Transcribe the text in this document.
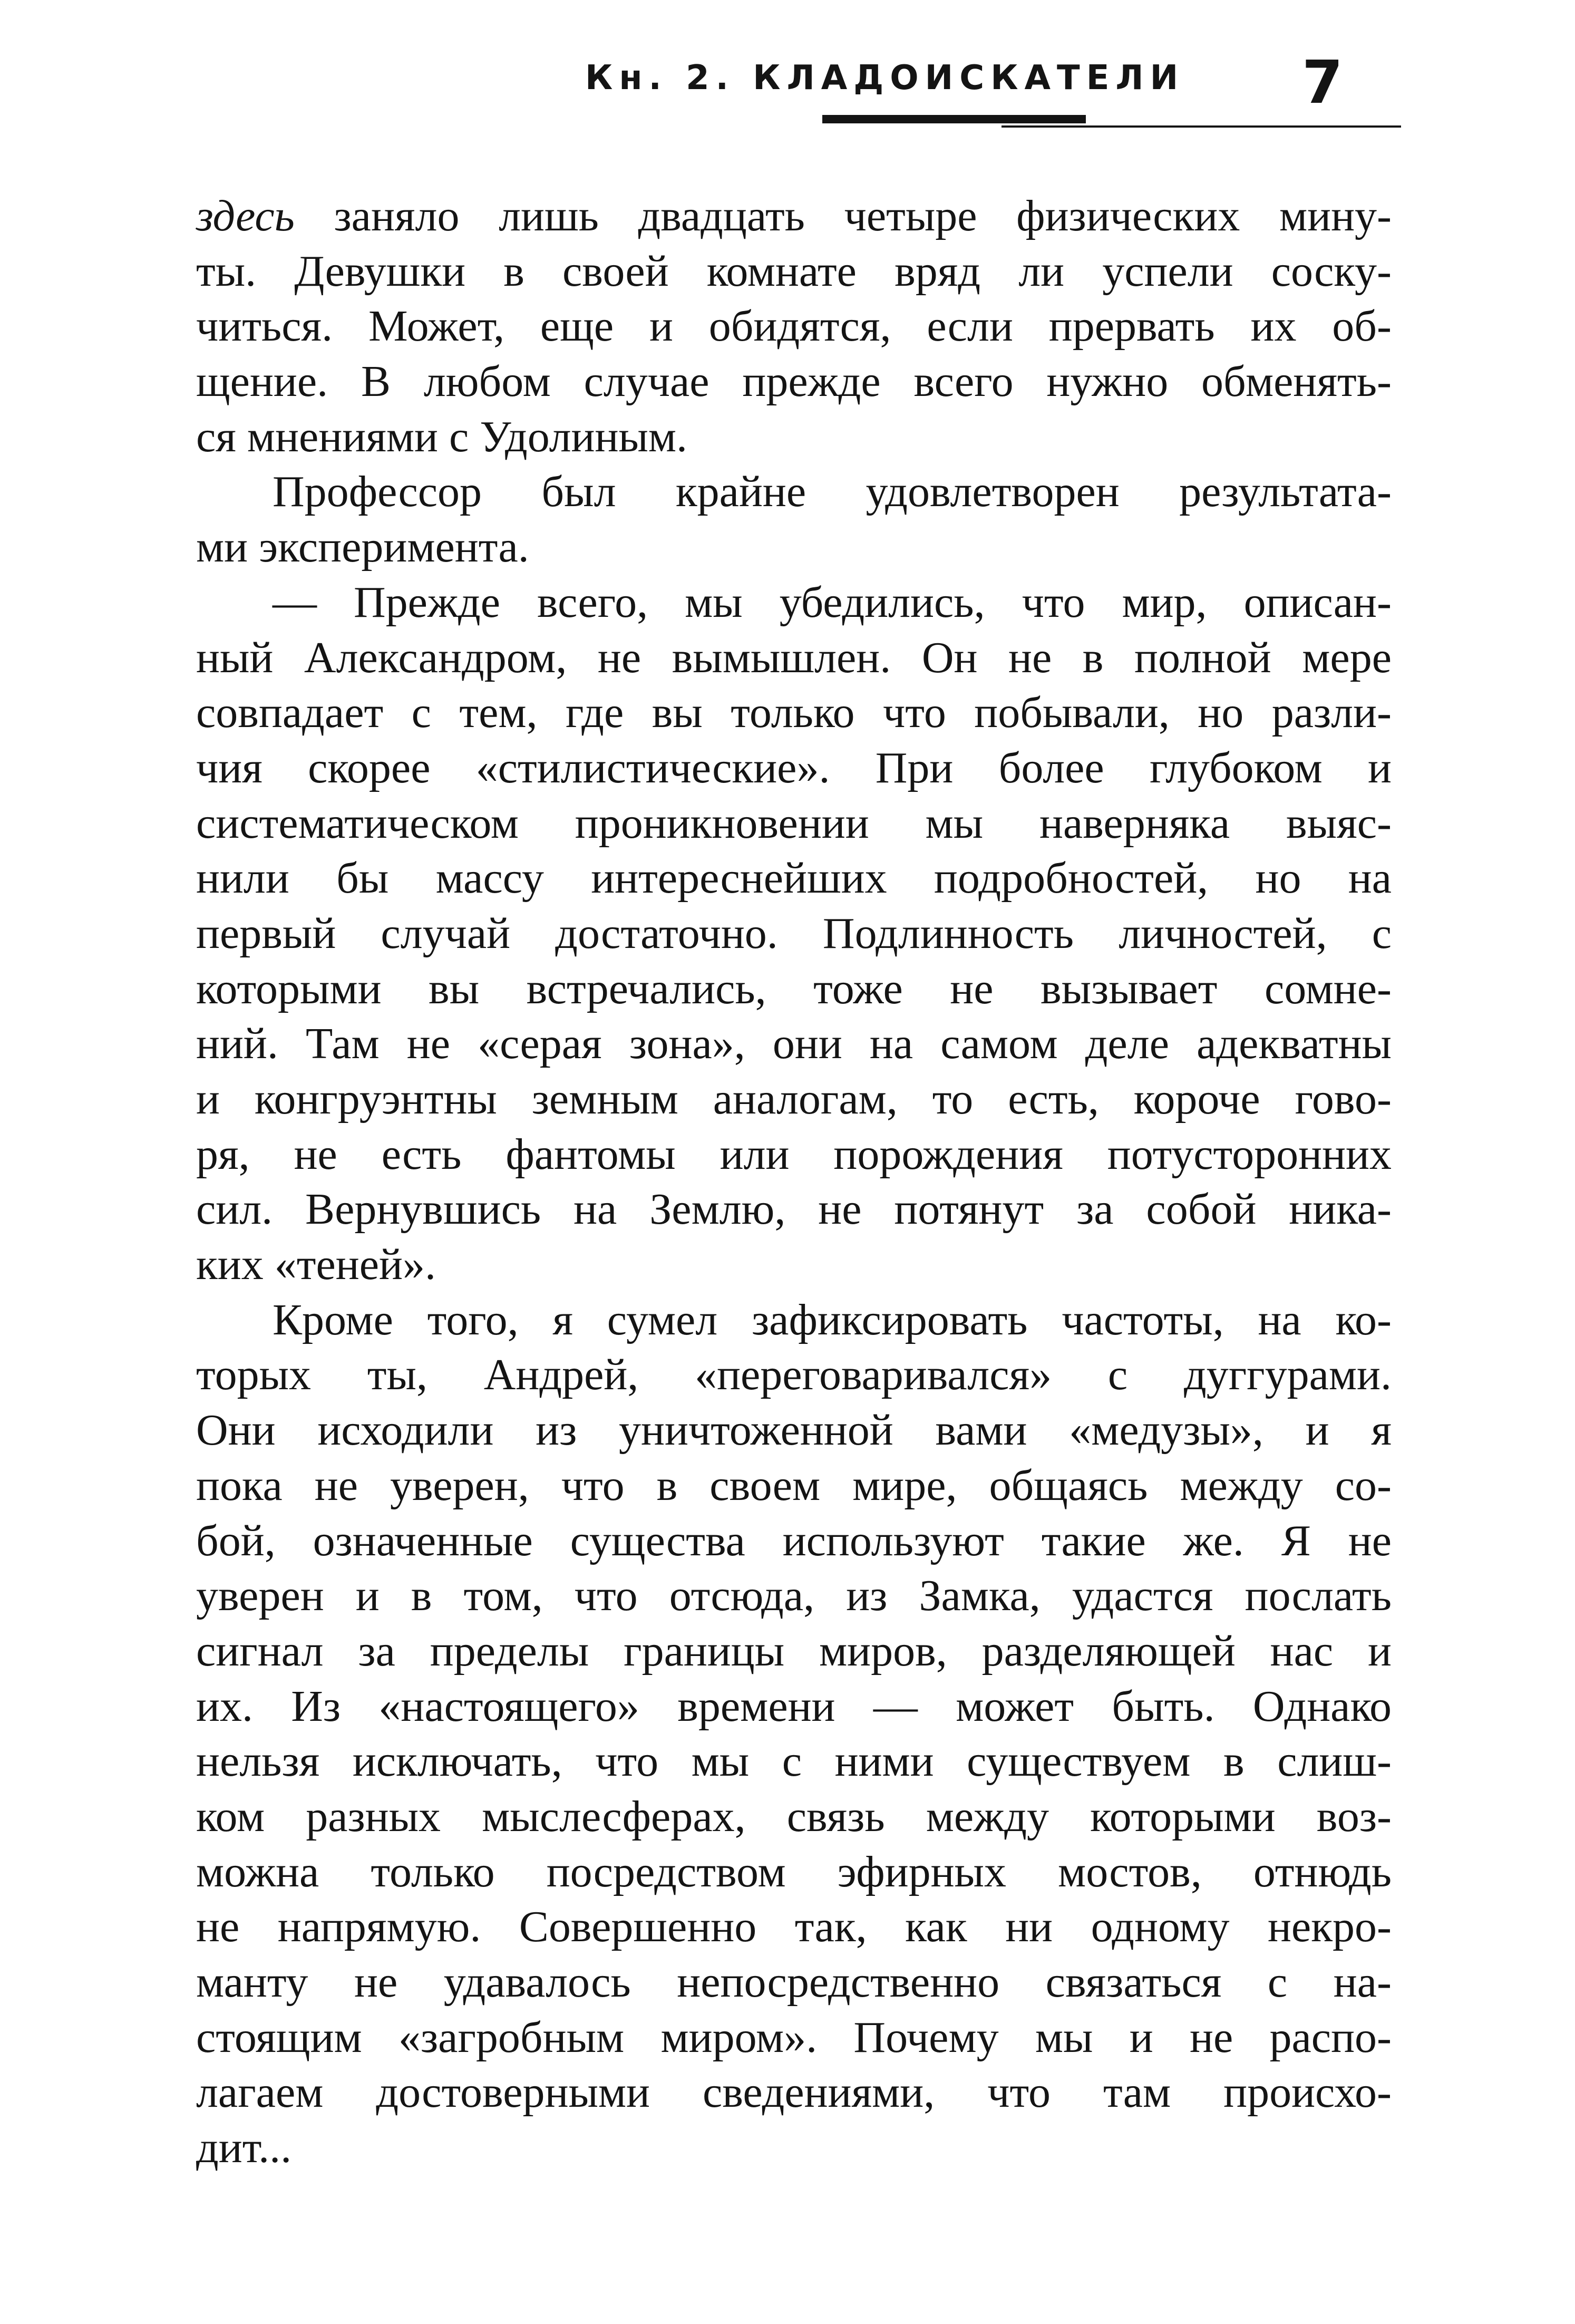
Кн. 2. КЛАДОИСКАТЕЛИ 7
здесь заняло лишь двадцать четыре физических мину-
ты. Девушки в своей комнате вряд ли успели соску-
читься. Может, еще и обидятся, если прервать их об-
щение. В любом случае прежде всего нужно обменять-
ся мнениями с Удолиным.
Профессор был крайне удовлетворен результата-
ми эксперимента.
— Прежде всего, мы убедились, что мир, описан-
ный Александром, не вымышлен. Он не в полной мере
совпадает с тем, где вы только что побывали, но разли-
чия скорее «стилистические». При более глубоком и
систематическом проникновении мы наверняка выяс-
нили бы массу интереснейших подробностей, но на
первый случай достаточно. Подлинность личностей, с
которыми вы встречались, тоже не вызывает сомне-
ний. Там не «серая зона», они на самом деле адекватны
и конгруэнтны земным аналогам, то есть, короче гово-
ря, не есть фантомы или порождения потусторонних
сил. Вернувшись на Землю, не потянут за собой ника-
ких «теней».
Кроме того, я сумел зафиксировать частоты, на ко-
торых ты, Андрей, «переговаривался» с дуггурами.
Они исходили из уничтоженной вами «медузы», и я
пока не уверен, что в своем мире, общаясь между со-
бой, означенные существа используют такие же. Я не
уверен и в том, что отсюда, из Замка, удастся послать
сигнал за пределы границы миров, разделяющей нас и
их. Из «настоящего» времени — может быть. Однако
нельзя исключать, что мы с ними существуем в слиш-
ком разных мыслесферах, связь между которыми воз-
можна только посредством эфирных мостов, отнюдь
не напрямую. Совершенно так, как ни одному некро-
манту не удавалось непосредственно связаться с на-
стоящим «загробным миром». Почему мы и не распо-
лагаем достоверными сведениями, что там происхо-
дит...
